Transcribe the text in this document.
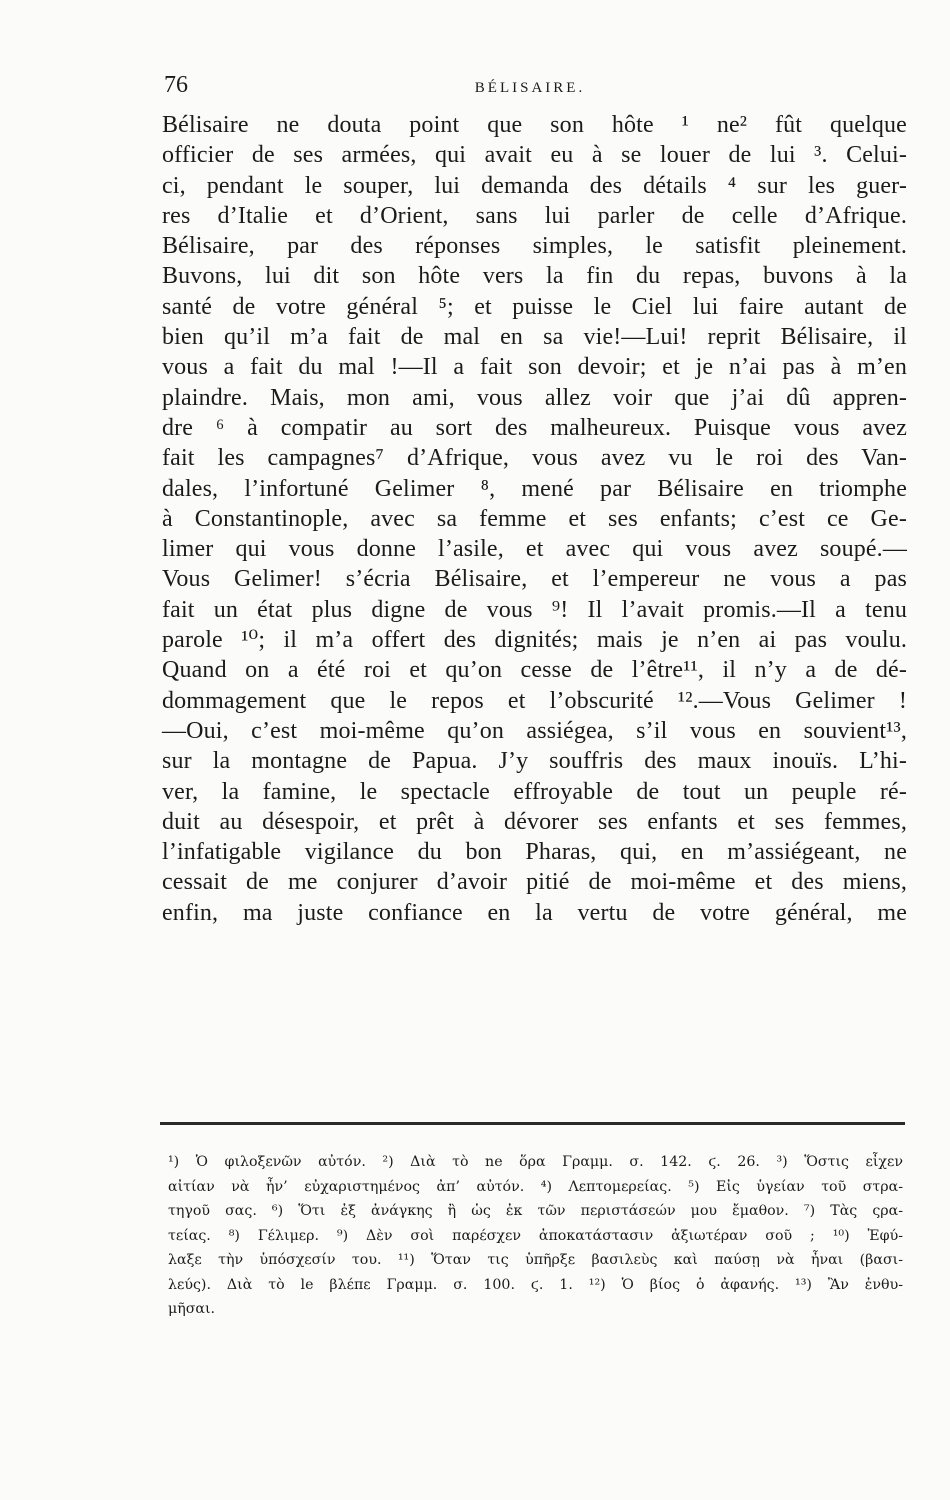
76	BÉLISAIRE.
Bélisaire ne douta point que son hôte ¹ ne² fût quelque
officier de ses armées, qui avait eu à se louer de lui ³. Celui-
ci, pendant le souper, lui demanda des détails ⁴ sur les guer-
res d’Italie et d’Orient, sans lui parler de celle d’Afrique.
Bélisaire, par des réponses simples, le satisfit pleinement.
Buvons, lui dit son hôte vers la fin du repas, buvons à la
santé de votre général ⁵; et puisse le Ciel lui faire autant de
bien qu’il m’a fait de mal en sa vie!—Lui! reprit Bélisaire, il
vous a fait du mal !—Il a fait son devoir; et je n’ai pas à m’en
plaindre. Mais, mon ami, vous allez voir que j’ai dû appren-
dre ⁶ à compatir au sort des malheureux. Puisque vous avez
fait les campagnes⁷ d’Afrique, vous avez vu le roi des Van-
dales, l’infortuné Gelimer ⁸, mené par Bélisaire en triomphe
à Constantinople, avec sa femme et ses enfants; c’est ce Ge-
limer qui vous donne l’asile, et avec qui vous avez soupé.—
Vous Gelimer! s’écria Bélisaire, et l’empereur ne vous a pas
fait un état plus digne de vous ⁹! Il l’avait promis.—Il a tenu
parole ¹⁰; il m’a offert des dignités; mais je n’en ai pas voulu.
Quand on a été roi et qu’on cesse de l’être¹¹, il n’y a de dé-
dommagement que le repos et l’obscurité ¹².—Vous Gelimer !
—Oui, c’est moi-même qu’on assiégea, s’il vous en souvient¹³,
sur la montagne de Papua. J’y souffris des maux inouïs. L’hi-
ver, la famine, le spectacle effroyable de tout un peuple ré-
duit au désespoir, et prêt à dévorer ses enfants et ses femmes,
l’infatigable vigilance du bon Pharas, qui, en m’assiégeant, ne
cessait de me conjurer d’avoir pitié de moi-même et des miens,
enfin, ma juste confiance en la vertu de votre général, me
¹) Ὁ φιλοξενῶν αὐτόν. ²) Διὰ τὸ ne ὅρα Γραμμ. σ. 142. ϛ. 26. ³) Ὅστις εἶχεν
αἰτίαν νὰ ἦν’ εὐχαριστημένος ἀπ’ αὐτόν. ⁴) Λεπτομερείας. ⁵) Εἰς ὑγείαν τοῦ στρα-
τηγοῦ σας. ⁶) Ὅτι ἐξ ἀνάγκης ἢ ὡς ἐκ τῶν περιστάσεών μου ἔμαθον. ⁷) Τὰς ςρα-
τείας. ⁸) Γέλιμερ. ⁹) Δὲν σοὶ παρέσχεν ἀποκατάστασιν ἀξιωτέραν σοῦ ; ¹⁰) Ἐφύ-
λαξε τὴν ὑπόσχεσίν του. ¹¹) Ὅταν τις ὑπῆρξε βασιλεὺς καὶ παύσῃ νὰ ἦναι (βασι-
λεύς). Διὰ τὸ le βλέπε Γραμμ. σ. 100. ϛ. 1. ¹²) Ὁ βίος ὁ ἀφανής. ¹³) Ἂν ἐνθυ-
μῆσαι.
